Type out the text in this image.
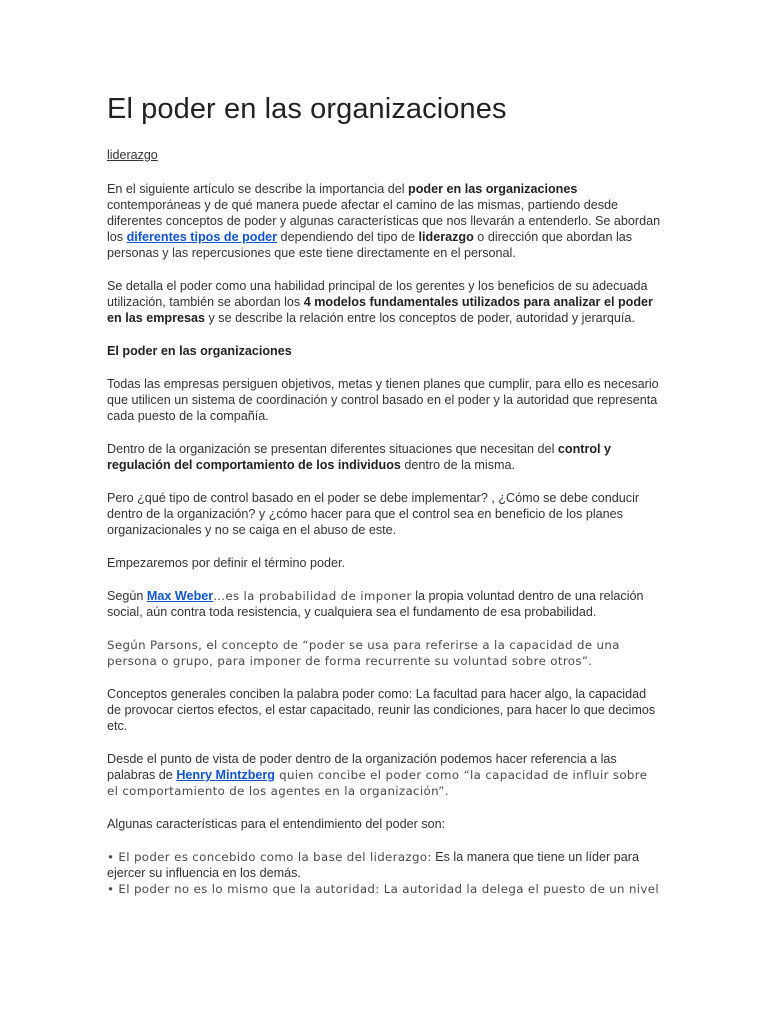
El poder en las organizaciones
liderazgo

En el siguiente artículo se describe la importancia del poder en las organizaciones contemporáneas y de qué manera puede afectar el camino de las mismas, partiendo desde diferentes conceptos de poder y algunas características que nos llevarán a entenderlo. Se abordan los diferentes tipos de poder dependiendo del tipo de liderazgo o dirección que abordan las personas y las repercusiones que este tiene directamente en el personal.

Se detalla el poder como una habilidad principal de los gerentes y los beneficios de su adecuada utilización, también se abordan los 4 modelos fundamentales utilizados para analizar el poder en las empresas y se describe la relación entre los conceptos de poder, autoridad y jerarquía.

El poder en las organizaciones

Todas las empresas persiguen objetivos, metas y tienen planes que cumplir, para ello es necesario que utilicen un sistema de coordinación y control basado en el poder y la autoridad que representa cada puesto de la compañía.

Dentro de la organización se presentan diferentes situaciones que necesitan del control y regulación del comportamiento de los individuos dentro de la misma.

Pero ¿qué tipo de control basado en el poder se debe implementar? , ¿Cómo se debe conducir dentro de la organización? y ¿cómo hacer para que el control sea en beneficio de los planes organizacionales y no se caiga en el abuso de este.

Empezaremos por definir el término poder.

Según Max Weber…es la probabilidad de imponer la propia voluntad dentro de una relación social, aún contra toda resistencia, y cualquiera sea el fundamento de esa probabilidad.

Según Parsons, el concepto de “poder se usa para referirse a la capacidad de una persona o grupo, para imponer de forma recurrente su voluntad sobre otros”.

Conceptos generales conciben la palabra poder como: La facultad para hacer algo, la capacidad de provocar ciertos efectos, el estar capacitado, reunir las condiciones, para hacer lo que decimos etc.

Desde el punto de vista de poder dentro de la organización podemos hacer referencia a las palabras de Henry Mintzberg quien concibe el poder como “la capacidad de influir sobre el comportamiento de los agentes en la organización”.

Algunas características para el entendimiento del poder son:

• El poder es concebido como la base del liderazgo: Es la manera que tiene un líder para ejercer su influencia en los demás.

• El poder no es lo mismo que la autoridad: La autoridad la delega el puesto de un nivel
